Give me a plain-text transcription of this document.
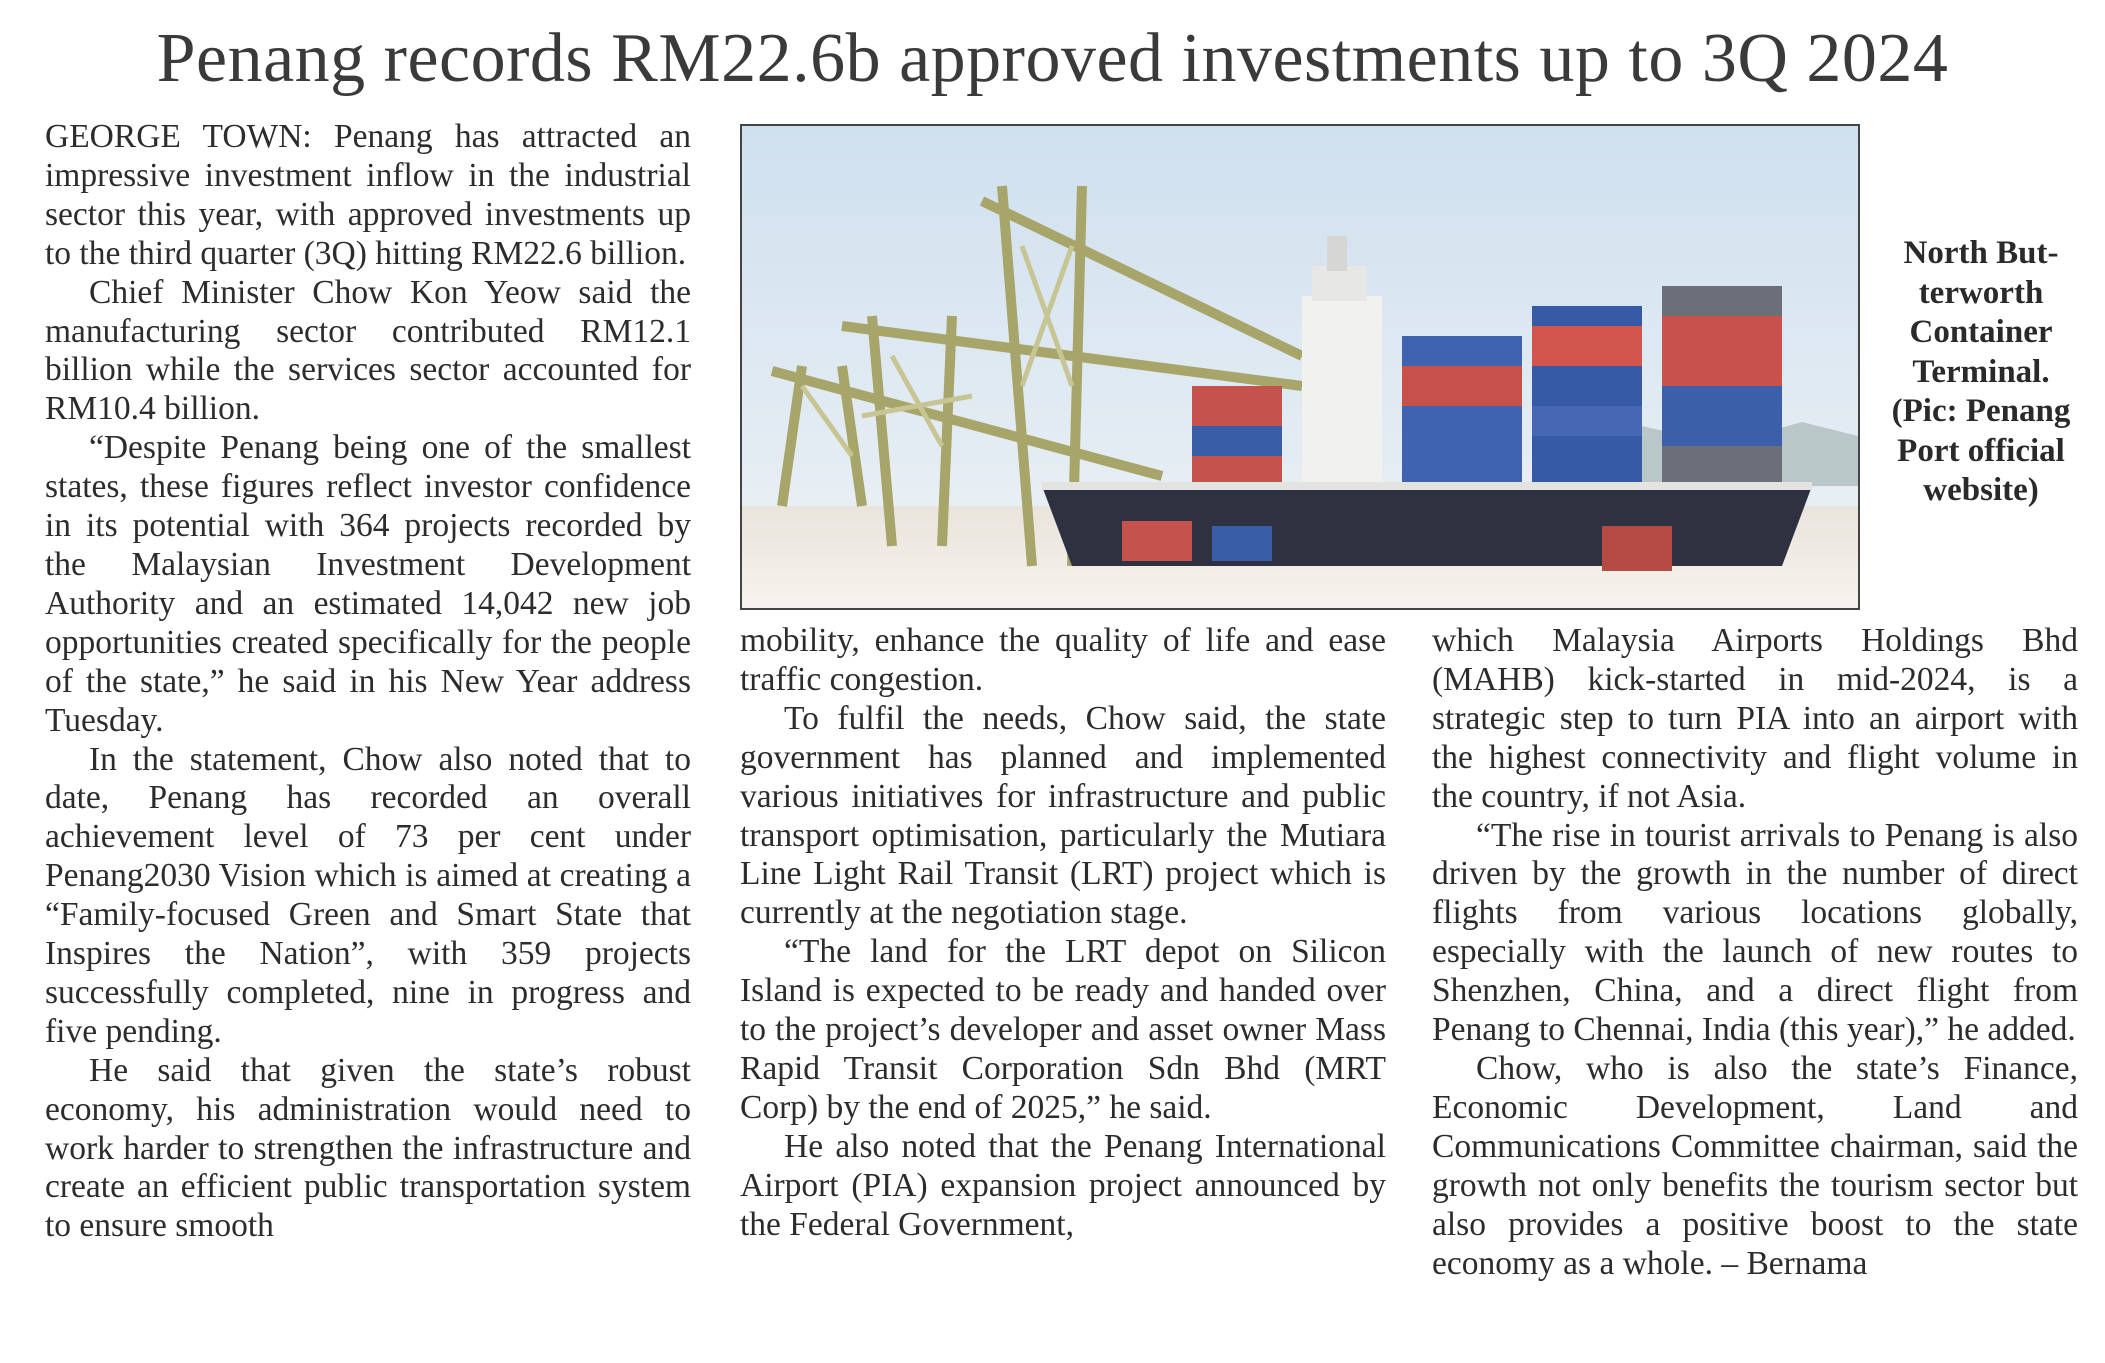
Penang records RM22.6b approved investments up to 3Q 2024

GEORGE TOWN: Penang has attracted an impressive investment inflow in the industrial sector this year, with approved investments up to the third quarter (3Q) hitting RM22.6 billion.

Chief Minister Chow Kon Yeow said the manufacturing sector contributed RM12.1 billion while the services sector accounted for RM10.4 billion.

“Despite Penang being one of the smallest states, these figures reflect investor confidence in its potential with 364 projects recorded by the Malaysian Investment Development Authority and an estimated 14,042 new job opportunities created specifically for the people of the state,” he said in his New Year address Tuesday.

In the statement, Chow also noted that to date, Penang has recorded an overall achievement level of 73 per cent under Penang2030 Vision which is aimed at creating a “Family-focused Green and Smart State that Inspires the Nation”, with 359 projects successfully completed, nine in progress and five pending.

He said that given the state’s robust economy, his administration would need to work harder to strengthen the infrastructure and create an efficient public transportation system to ensure smooth

North But-
terworth
Container
Terminal.
(Pic: Penang
Port official
website)

mobility, enhance the quality of life and ease traffic congestion.

To fulfil the needs, Chow said, the state government has planned and implemented various initiatives for infrastructure and public transport optimisation, particularly the Mutiara Line Light Rail Transit (LRT) project which is currently at the negotiation stage.

“The land for the LRT depot on Silicon Island is expected to be ready and handed over to the project’s developer and asset owner Mass Rapid Transit Corporation Sdn Bhd (MRT Corp) by the end of 2025,” he said.

He also noted that the Penang International Airport (PIA) expansion project announced by the Federal Government,

which Malaysia Airports Holdings Bhd (MAHB) kick-started in mid-2024, is a strategic step to turn PIA into an airport with the highest connectivity and flight volume in the country, if not Asia.

“The rise in tourist arrivals to Penang is also driven by the growth in the number of direct flights from various locations globally, especially with the launch of new routes to Shenzhen, China, and a direct flight from Penang to Chennai, India (this year),” he added.

Chow, who is also the state’s Finance, Economic Development, Land and Communications Committee chairman, said the growth not only benefits the tourism sector but also provides a positive boost to the state economy as a whole. – Bernama
